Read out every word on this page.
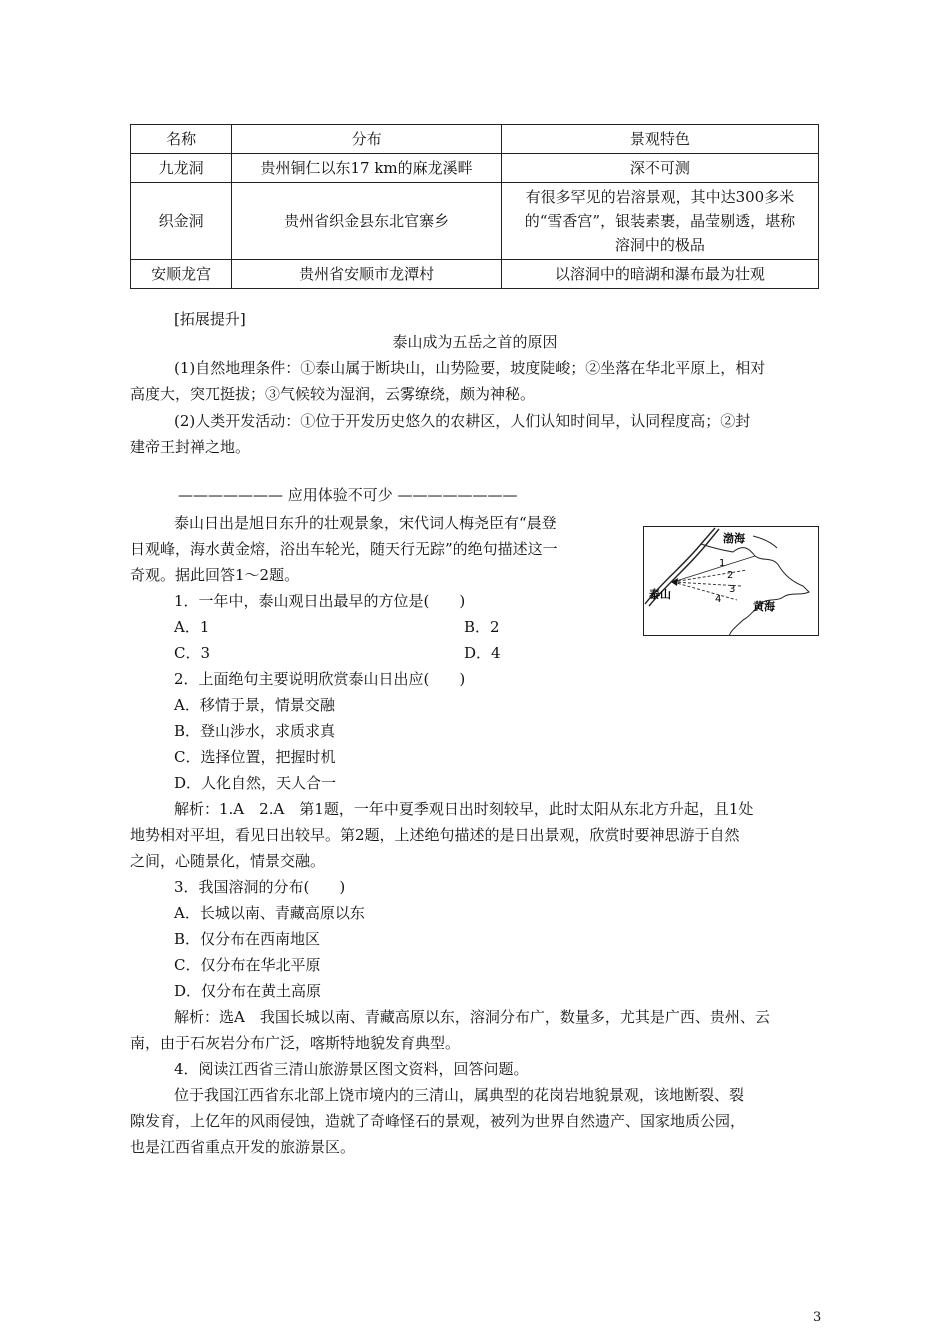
名称	分布	景观特色
九龙洞	贵州铜仁以东17 km的麻龙溪畔	深不可测
织金洞	贵州省织金县东北官寨乡	有很多罕见的岩溶景观，其中达300多米
的“雪香宫”，银装素裹，晶莹剔透，堪称
溶洞中的极品

安顺龙宫	贵州省安顺市龙潭村	以溶洞中的暗湖和瀑布最为壮观
[拓展提升]
泰山成为五岳之首的原因
(1)自然地理条件：①泰山属于断块山，山势险要，坡度陡峻；②坐落在华北平原上，相对
高度大，突兀挺拔；③气候较为湿润，云雾缭绕，颇为神秘。
(2)人类开发活动：①位于开发历史悠久的农耕区，人们认知时间早，认同程度高；②封
建帝王封禅之地。
——————— 应用体验不可少 ————————
泰山日出是旭日东升的壮观景象，宋代词人梅尧臣有“晨登
日观峰，海水黄金熔，浴出车轮光，随天行无踪”的绝句描述这一
奇观。据此回答1～2题。
1．一年中，泰山观日出最早的方位是(　　)
A．1	B．2
C．3	D．4
2．上面绝句主要说明欣赏泰山日出应(　　)
A．移情于景，情景交融
B．登山涉水，求质求真
C．选择位置，把握时机
D．人化自然，天人合一
解析：1.A　2.A　第1题，一年中夏季观日出时刻较早，此时太阳从东北方升起，且1处
地势相对平坦，看见日出较早。第2题，上述绝句描述的是日出景观，欣赏时要神思游于自然
之间，心随景化，情景交融。
3．我国溶洞的分布(　　)
A．长城以南、青藏高原以东
B．仅分布在西南地区
C．仅分布在华北平原
D．仅分布在黄土高原
解析：选A　我国长城以南、青藏高原以东，溶洞分布广，数量多，尤其是广西、贵州、云
南，由于石灰岩分布广泛，喀斯特地貌发育典型。
4．阅读江西省三清山旅游景区图文资料，回答问题。
位于我国江西省东北部上饶市境内的三清山，属典型的花岗岩地貌景观，该地断裂、裂
隙发育，上亿年的风雨侵蚀，造就了奇峰怪石的景观，被列为世界自然遗产、国家地质公园，
也是江西省重点开发的旅游景区。
渤海
黄海
泰山
1
2
3
4
3
